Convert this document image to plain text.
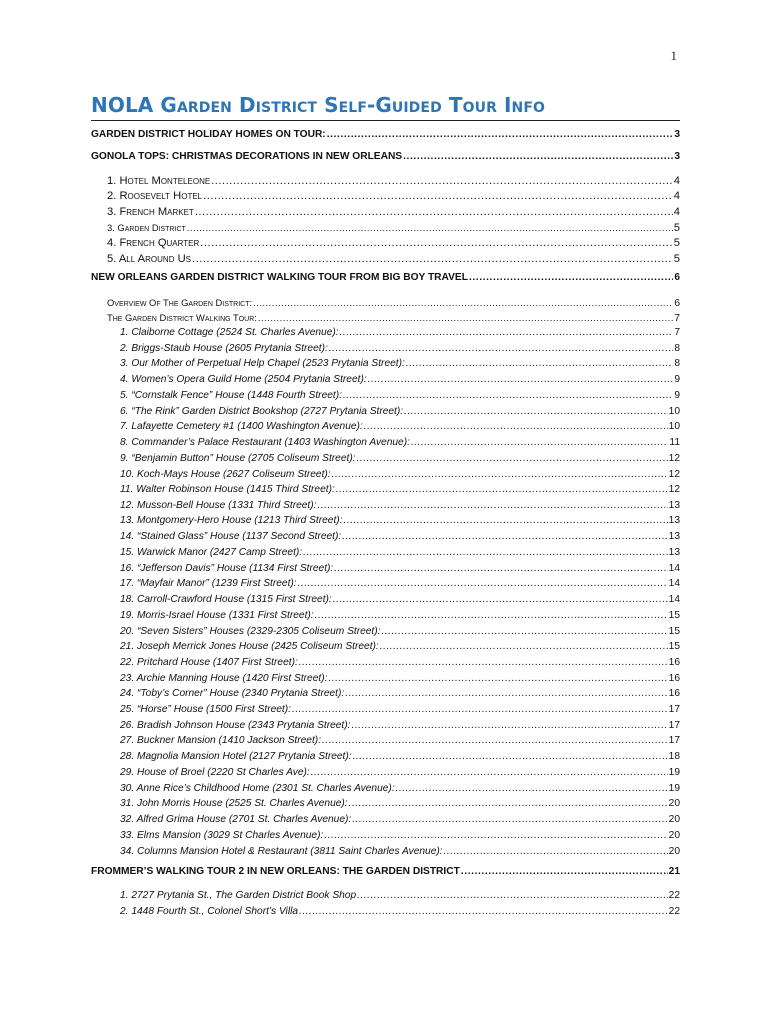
1
NOLA Garden District Self-Guided Tour Info
GARDEN DISTRICT HOLIDAY HOMES ON TOUR: .....	3
GONOLA TOPS: CHRISTMAS DECORATIONS IN NEW ORLEANS .....	3
1. Hotel Monteleone .....	4
2. Roosevelt Hotel .....	4
3. French Market .....	4
3. Garden District .....	5
4. French Quarter .....	5
5. All Around Us .....	5
NEW ORLEANS GARDEN DISTRICT WALKING TOUR FROM BIG BOY TRAVEL .....	6
Overview Of The Garden District: .....	6
The Garden District Walking Tour: .....	7
1. Claiborne Cottage (2524 St. Charles Avenue): .....	7
2. Briggs-Staub House (2605 Prytania Street): .....	8
3. Our Mother of Perpetual Help Chapel (2523 Prytania Street): .....	8
4. Women’s Opera Guild Home (2504 Prytania Street): .....	9
5. “Cornstalk Fence” House (1448 Fourth Street): .....	9
6. “The Rink” Garden District Bookshop (2727 Prytania Street): .....	10
7. Lafayette Cemetery #1 (1400 Washington Avenue): .....	10
8. Commander’s Palace Restaurant (1403 Washington Avenue): .....	11
9. “Benjamin Button” House (2705 Coliseum Street): .....	12
10. Koch-Mays House (2627 Coliseum Street): .....	12
11. Walter Robinson House (1415 Third Street): .....	12
12. Musson-Bell House (1331 Third Street): .....	13
13. Montgomery-Hero House (1213 Third Street): .....	13
14. “Stained Glass” House (1137 Second Street): .....	13
15. Warwick Manor (2427 Camp Street): .....	13
16. “Jefferson Davis” House (1134 First Street): .....	14
17. “Mayfair Manor” (1239 First Street): .....	14
18. Carroll-Crawford House (1315 First Street): .....	14
19. Morris-Israel House (1331 First Street): .....	15
20. “Seven Sisters” Houses (2329-2305 Coliseum Street): .....	15
21. Joseph Merrick Jones House (2425 Coliseum Street): .....	15
22. Pritchard House (1407 First Street): .....	16
23. Archie Manning House (1420 First Street): .....	16
24. “Toby’s Corner” House (2340 Prytania Street): .....	16
25. “Horse” House (1500 First Street): .....	17
26. Bradish Johnson House (2343 Prytania Street): .....	17
27. Buckner Mansion (1410 Jackson Street): .....	17
28. Magnolia Mansion Hotel (2127 Prytania Street): .....	18
29. House of Broel (2220 St Charles Ave): .....	19
30. Anne Rice’s Childhood Home (2301 St. Charles Avenue): .....	19
31. John Morris House (2525 St. Charles Avenue): .....	20
32. Alfred Grima House (2701 St. Charles Avenue): .....	20
33. Elms Mansion (3029 St Charles Avenue): .....	20
34. Columns Mansion Hotel & Restaurant (3811 Saint Charles Avenue): .....	20
FROMMER’S WALKING TOUR 2 IN NEW ORLEANS: THE GARDEN DISTRICT .....	21
1. 2727 Prytania St., The Garden District Book Shop .....	22
2. 1448 Fourth St., Colonel Short’s Villa .....	22
